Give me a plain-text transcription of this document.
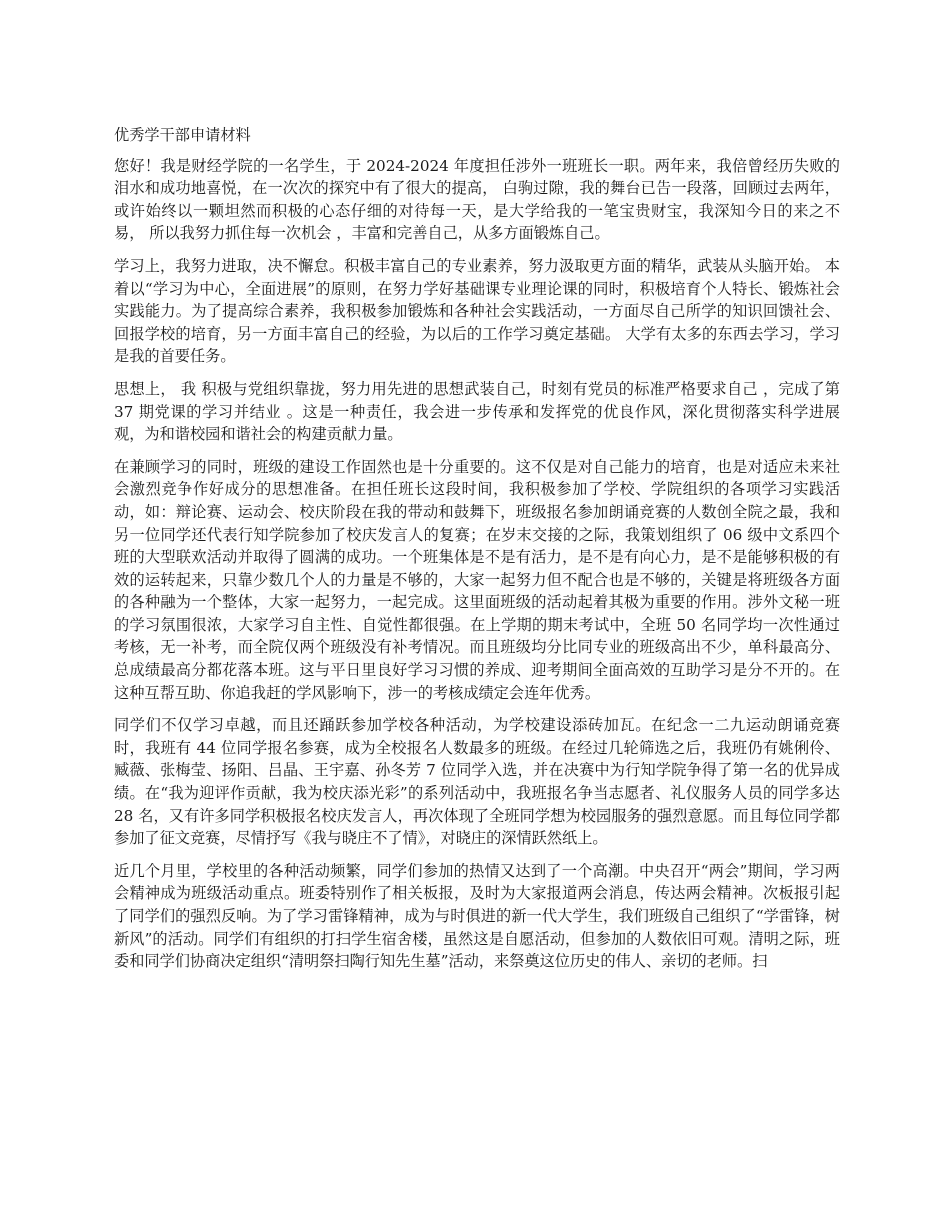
优秀学干部申请材料

您好！我是财经学院的一名学生，于 2024-2024 年度担任涉外一班班长一职。两年来，我倍曾经历失败的泪水和成功地喜悦，在一次次的探究中有了很大的提高， 白驹过隙，我的舞台已告一段落，回顾过去两年， 或许始终以一颗坦然而积极的心态仔细的对待每一天，是大学给我的一笔宝贵财宝，我深知今日的来之不易， 所以我努力抓住每一次机会 ，丰富和完善自己，从多方面锻炼自己。

学习上，我努力进取，决不懈怠。积极丰富自己的专业素养，努力汲取更方面的精华，武装从头脑开始。 本着以“学习为中心，全面进展”的原则，在努力学好基础课专业理论课的同时，积极培育个人特长、锻炼社会实践能力。为了提高综合素养，我积极参加锻炼和各种社会实践活动，一方面尽自己所学的知识回馈社会、回报学校的培育，另一方面丰富自己的经验，为以后的工作学习奠定基础。 大学有太多的东西去学习，学习是我的首要任务。

思想上， 我 积极与党组织靠拢，努力用先进的思想武装自己，时刻有党员的标准严格要求自己 ，完成了第 37 期党课的学习并结业 。这是一种责任，我会进一步传承和发挥党的优良作风，深化贯彻落实科学进展观，为和谐校园和谐社会的构建贡献力量。

在兼顾学习的同时，班级的建设工作固然也是十分重要的。这不仅是对自己能力的培育，也是对适应未来社会激烈竞争作好成分的思想准备。在担任班长这段时间，我积极参加了学校、学院组织的各项学习实践活动，如：辩论赛、运动会、校庆阶段在我的带动和鼓舞下，班级报名参加朗诵竞赛的人数创全院之最，我和另一位同学还代表行知学院参加了校庆发言人的复赛；在岁末交接的之际，我策划组织了 06 级中文系四个班的大型联欢活动并取得了圆满的成功。一个班集体是不是有活力，是不是有向心力，是不是能够积极的有效的运转起来，只靠少数几个人的力量是不够的，大家一起努力但不配合也是不够的，关键是将班级各方面的各种融为一个整体，大家一起努力，一起完成。这里面班级的活动起着其极为重要的作用。涉外文秘一班的学习氛围很浓，大家学习自主性、自觉性都很强。在上学期的期末考试中，全班 50 名同学均一次性通过考核，无一补考，而全院仅两个班级没有补考情况。而且班级均分比同专业的班级高出不少，单科最高分、总成绩最高分都花落本班。这与平日里良好学习习惯的养成、迎考期间全面高效的互助学习是分不开的。在这种互帮互助、你追我赶的学风影响下，涉一的考核成绩定会连年优秀。

同学们不仅学习卓越，而且还踊跃参加学校各种活动，为学校建设添砖加瓦。在纪念一二九运动朗诵竞赛时，我班有 44 位同学报名参赛，成为全校报名人数最多的班级。在经过几轮筛选之后，我班仍有姚俐伶、臧薇、张梅莹、扬阳、吕晶、王宇嘉、孙冬芳 7 位同学入选，并在决赛中为行知学院争得了第一名的优异成绩。在“我为迎评作贡献，我为校庆添光彩”的系列活动中，我班报名争当志愿者、礼仪服务人员的同学多达 28 名，又有许多同学积极报名校庆发言人，再次体现了全班同学想为校园服务的强烈意愿。而且每位同学都参加了征文竞赛，尽情抒写《我与晓庄不了情》，对晓庄的深情跃然纸上。

近几个月里，学校里的各种活动频繁，同学们参加的热情又达到了一个高潮。中央召开“两会”期间，学习两会精神成为班级活动重点。班委特别作了相关板报，及时为大家报道两会消息，传达两会精神。次板报引起了同学们的强烈反响。为了学习雷锋精神，成为与时俱进的新一代大学生，我们班级自己组织了“学雷锋，树新风”的活动。同学们有组织的打扫学生宿舍楼，虽然这是自愿活动，但参加的人数依旧可观。清明之际，班委和同学们协商决定组织“清明祭扫陶行知先生墓”活动，来祭奠这位历史的伟人、亲切的老师。扫
